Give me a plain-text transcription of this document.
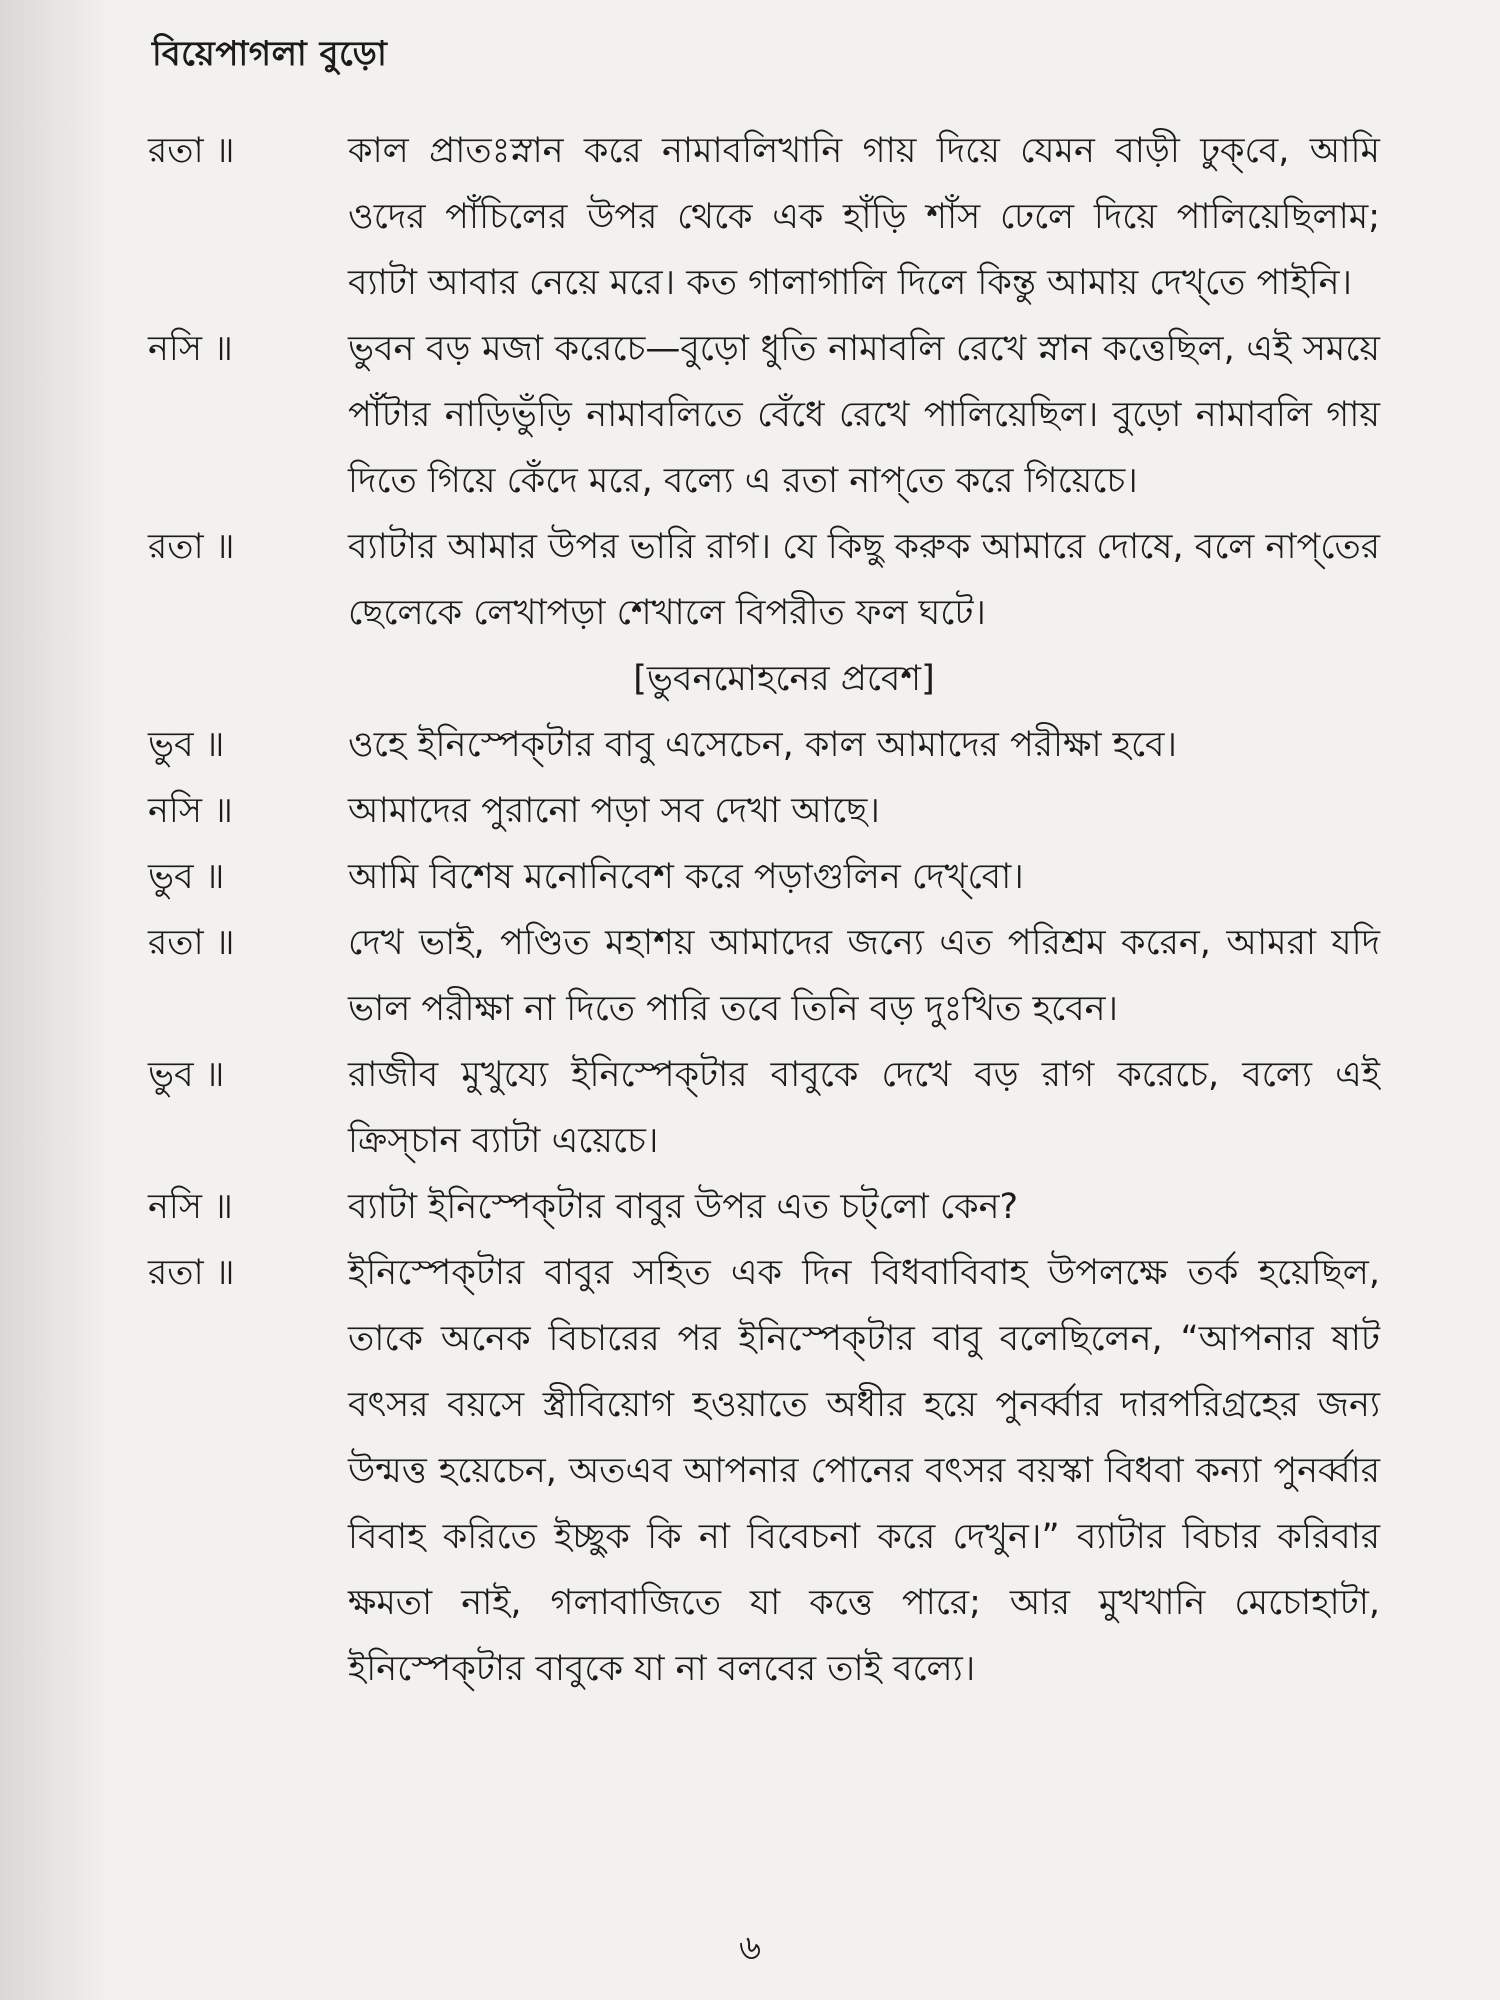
বিয়েপাগলা বুড়ো
রতা ॥	কাল প্রাতঃস্নান করে নামাবলিখানি গায় দিয়ে যেমন বাড়ী ঢুক্‌বে, আমি ওদের পাঁচিলের উপর থেকে এক হাঁড়ি শাঁস ঢেলে দিয়ে পালিয়েছিলাম; ব্যাটা আবার নেয়ে মরে। কত গালাগালি দিলে কিন্তু আমায় দেখ্‌তে পাইনি।
নসি ॥	ভুবন বড় মজা করেচে—বুড়ো ধুতি নামাবলি রেখে স্নান কত্তেছিল, এই সময়ে পাঁটার নাড়িভুঁড়ি নামাবলিতে বেঁধে রেখে পালিয়েছিল। বুড়ো নামাবলি গায় দিতে গিয়ে কেঁদে মরে, বল্যে এ রতা নাপ্‌তে করে গিয়েচে।
রতা ॥	ব্যাটার আমার উপর ভারি রাগ। যে কিছু করুক আমারে দোষে, বলে নাপ্‌তের ছেলেকে লেখাপড়া শেখালে বিপরীত ফল ঘটে।
[ভুবনমোহনের প্রবেশ]
ভুব ॥	ওহে ইনিস্পেক্‌টার বাবু এসেচেন, কাল আমাদের পরীক্ষা হবে।
নসি ॥	আমাদের পুরানো পড়া সব দেখা আছে।
ভুব ॥	আমি বিশেষ মনোনিবেশ করে পড়াগুলিন দেখ্‌বো।
রতা ॥	দেখ ভাই, পণ্ডিত মহাশয় আমাদের জন্যে এত পরিশ্রম করেন, আমরা যদি ভাল পরীক্ষা না দিতে পারি তবে তিনি বড় দুঃখিত হবেন।
ভুব ॥	রাজীব মুখুয্যে ইনিস্পেক্‌টার বাবুকে দেখে বড় রাগ করেচে, বল্যে এই ক্রিস্‌চান ব্যাটা এয়েচে।
নসি ॥	ব্যাটা ইনিস্পেক্‌টার বাবুর উপর এত চট্‌লো কেন?
রতা ॥	ইনিস্পেক্‌টার বাবুর সহিত এক দিন বিধবাবিবাহ উপলক্ষে তর্ক হয়েছিল, তাকে অনেক বিচারের পর ইনিস্পেক্‌টার বাবু বলেছিলেন, “আপনার ষাট বৎসর বয়সে স্ত্রীবিয়োগ হওয়াতে অধীর হয়ে পুনর্ব্বার দারপরিগ্রহের জন্য উন্মত্ত হয়েচেন, অতএব আপনার পোনের বৎসর বয়স্কা বিধবা কন্যা পুনর্ব্বার বিবাহ করিতে ইচ্ছুক কি না বিবেচনা করে দেখুন।” ব্যাটার বিচার করিবার ক্ষমতা নাই, গলাবাজিতে যা কত্তে পারে; আর মুখখানি মেচোহাটা, ইনিস্পেক্‌টার বাবুকে যা না বলবের তাই বল্যে।
৬
